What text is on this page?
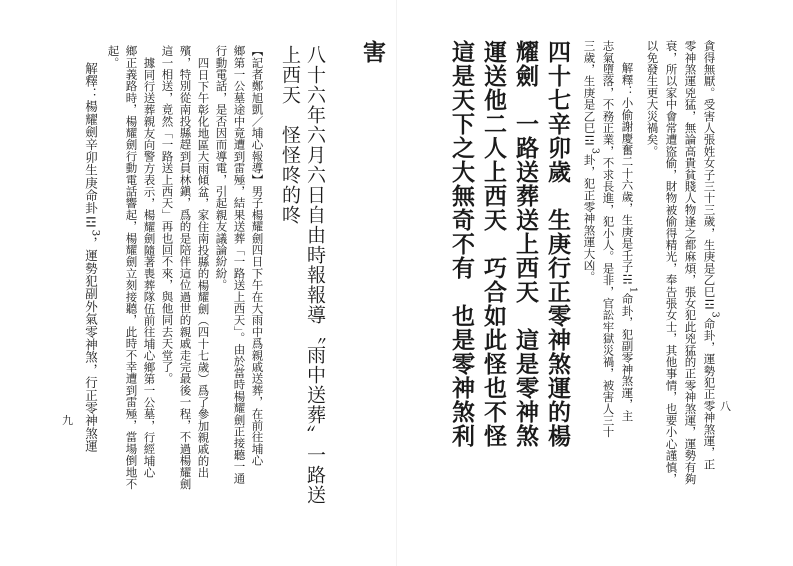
八
貪得無厭。受害人張姓女子三十三歲，生庚是乙巳☲$^3$命卦，運勢犯正零神煞運，正
零神煞運兇猛，無論高貴貧賤人物逢之都麻煩，張女犯此兇猛的正零神煞運，運勢有夠
衰，所以家中會常遭盜偷，財物被偷得精光，奉告張女士，其他事情，也要小心謹慎，
以免發生更大災禍矣。
解釋：小偷謝慶奮二十六歲，生庚是壬子☵$^1$命卦，犯副零神煞運，主
志氣墮落，不務正業，不求長進，犯小人。是非，官訟牢獄災禍，被害人三十
三歲，生庚是乙巳☲$^3$卦，犯正零神煞運大凶。
四十七辛卯歲　生庚行正零神煞運的楊
耀劍　一路送葬送上西天　這是零神煞
運送他二人上西天　巧合如此怪也不怪
這是天下之大無奇不有　也是零神煞利
九
害
八十六年六月六日自由時報報導〝雨中送葬〞一路送
上西天　怪怪咚的咚
【記者鄭旭凱／埔心報導】男子楊耀劍四日下午在大雨中爲親戚送葬，在前往埔心
鄉第一公墓途中竟遭到雷殛，結果送葬「一路送上西天」。由於當時楊耀劍正接聽一通
行動電話，是否因而導電，引起親友議論紛紛。
四日下午彰化地區大雨傾盆，家住南投縣的楊耀劍（四十七歲）爲了參加親戚的出
殯，特別從南投縣趕到員林鎭，爲的是陪伴這位過世的親戚走完最後一程，不過楊耀劍
這一相送，竟然「一路送上西天」再也回不來，與他同去天堂了。
據同行送葬親友向警方表示，楊耀劍隨著喪葬隊伍前往埔心鄉第一公墓，行經埔心
鄉正義路時，楊耀劍行動電話響起，楊耀劍立刻接聽，此時不幸遭到雷殛，當場倒地不
起。
解釋：楊耀劍辛卯生庚命卦☲$^3$，運勢犯副外氣零神煞，行正零神煞運
